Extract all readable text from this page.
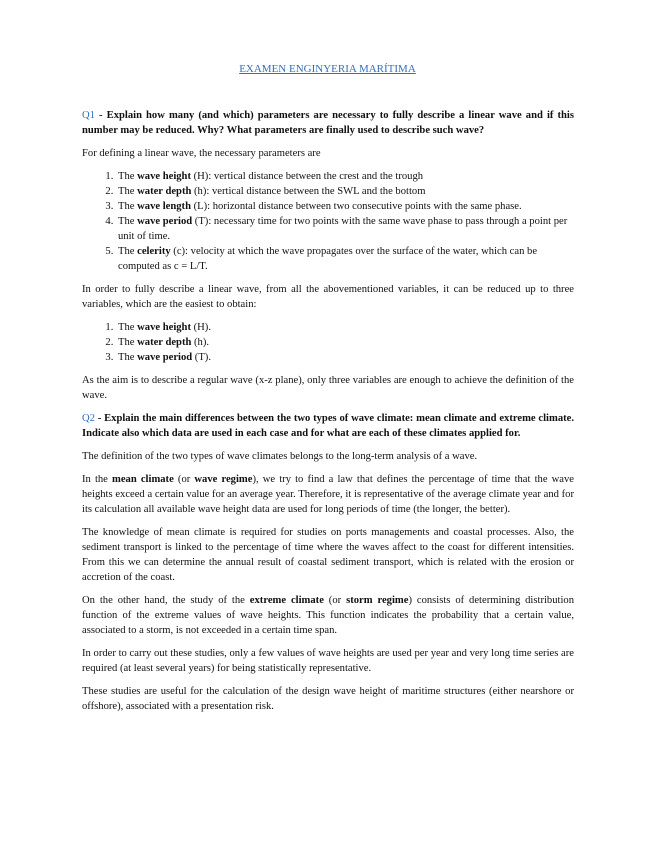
EXAMEN ENGINYERIA MARÍTIMA

Q1 - Explain how many (and which) parameters are necessary to fully describe a linear wave and if this number may be reduced. Why? What parameters are finally used to describe such wave?

For defining a linear wave, the necessary parameters are

1. The wave height (H): vertical distance between the crest and the trough
2. The water depth (h): vertical distance between the SWL and the bottom
3. The wave length (L): horizontal distance between two consecutive points with the same phase.
4. The wave period (T): necessary time for two points with the same wave phase to pass through a point per unit of time.
5. The celerity (c): velocity at which the wave propagates over the surface of the water, which can be computed as c = L/T.

In order to fully describe a linear wave, from all the abovementioned variables, it can be reduced up to three variables, which are the easiest to obtain:

1. The wave height (H).
2. The water depth (h).
3. The wave period (T).

As the aim is to describe a regular wave (x-z plane), only three variables are enough to achieve the definition of the wave.

Q2 - Explain the main differences between the two types of wave climate: mean climate and extreme climate. Indicate also which data are used in each case and for what are each of these climates applied for.

The definition of the two types of wave climates belongs to the long-term analysis of a wave.

In the mean climate (or wave regime), we try to find a law that defines the percentage of time that the wave heights exceed a certain value for an average year. Therefore, it is representative of the average climate year and for its calculation all available wave height data are used for long periods of time (the longer, the better).

The knowledge of mean climate is required for studies on ports managements and coastal processes. Also, the sediment transport is linked to the percentage of time where the waves affect to the coast for different intensities. From this we can determine the annual result of coastal sediment transport, which is related with the erosion or accretion of the coast.

On the other hand, the study of the extreme climate (or storm regime) consists of determining distribution function of the extreme values of wave heights. This function indicates the probability that a certain value, associated to a storm, is not exceeded in a certain time span.

In order to carry out these studies, only a few values of wave heights are used per year and very long time series are required (at least several years) for being statistically representative.

These studies are useful for the calculation of the design wave height of maritime structures (either nearshore or offshore), associated with a presentation risk.
